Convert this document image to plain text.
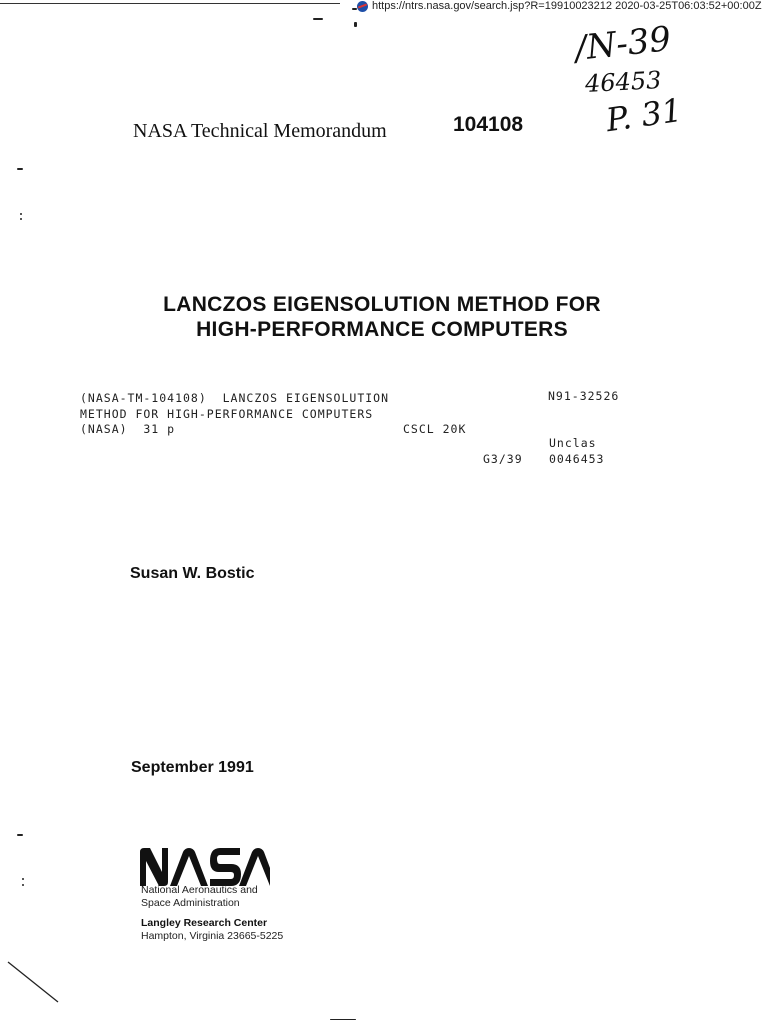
https://ntrs.nasa.gov/search.jsp?R=19910023212 2020-03-25T06:03:52+00:00Z
/N-39
46453
P. 31
NASA Technical Memorandum	104108
LANCZOS EIGENSOLUTION METHOD FOR
HIGH-PERFORMANCE COMPUTERS
(NASA-TM-104108)  LANCZOS EIGENSOLUTION
METHOD FOR HIGH-PERFORMANCE COMPUTERS
(NASA)  31 p	CSCL 20K
N91-32526
Unclas
G3/39 0046453
Susan W. Bostic
September 1991
National Aeronautics and
Space Administration
Langley Research Center
Hampton, Virginia 23665-5225
